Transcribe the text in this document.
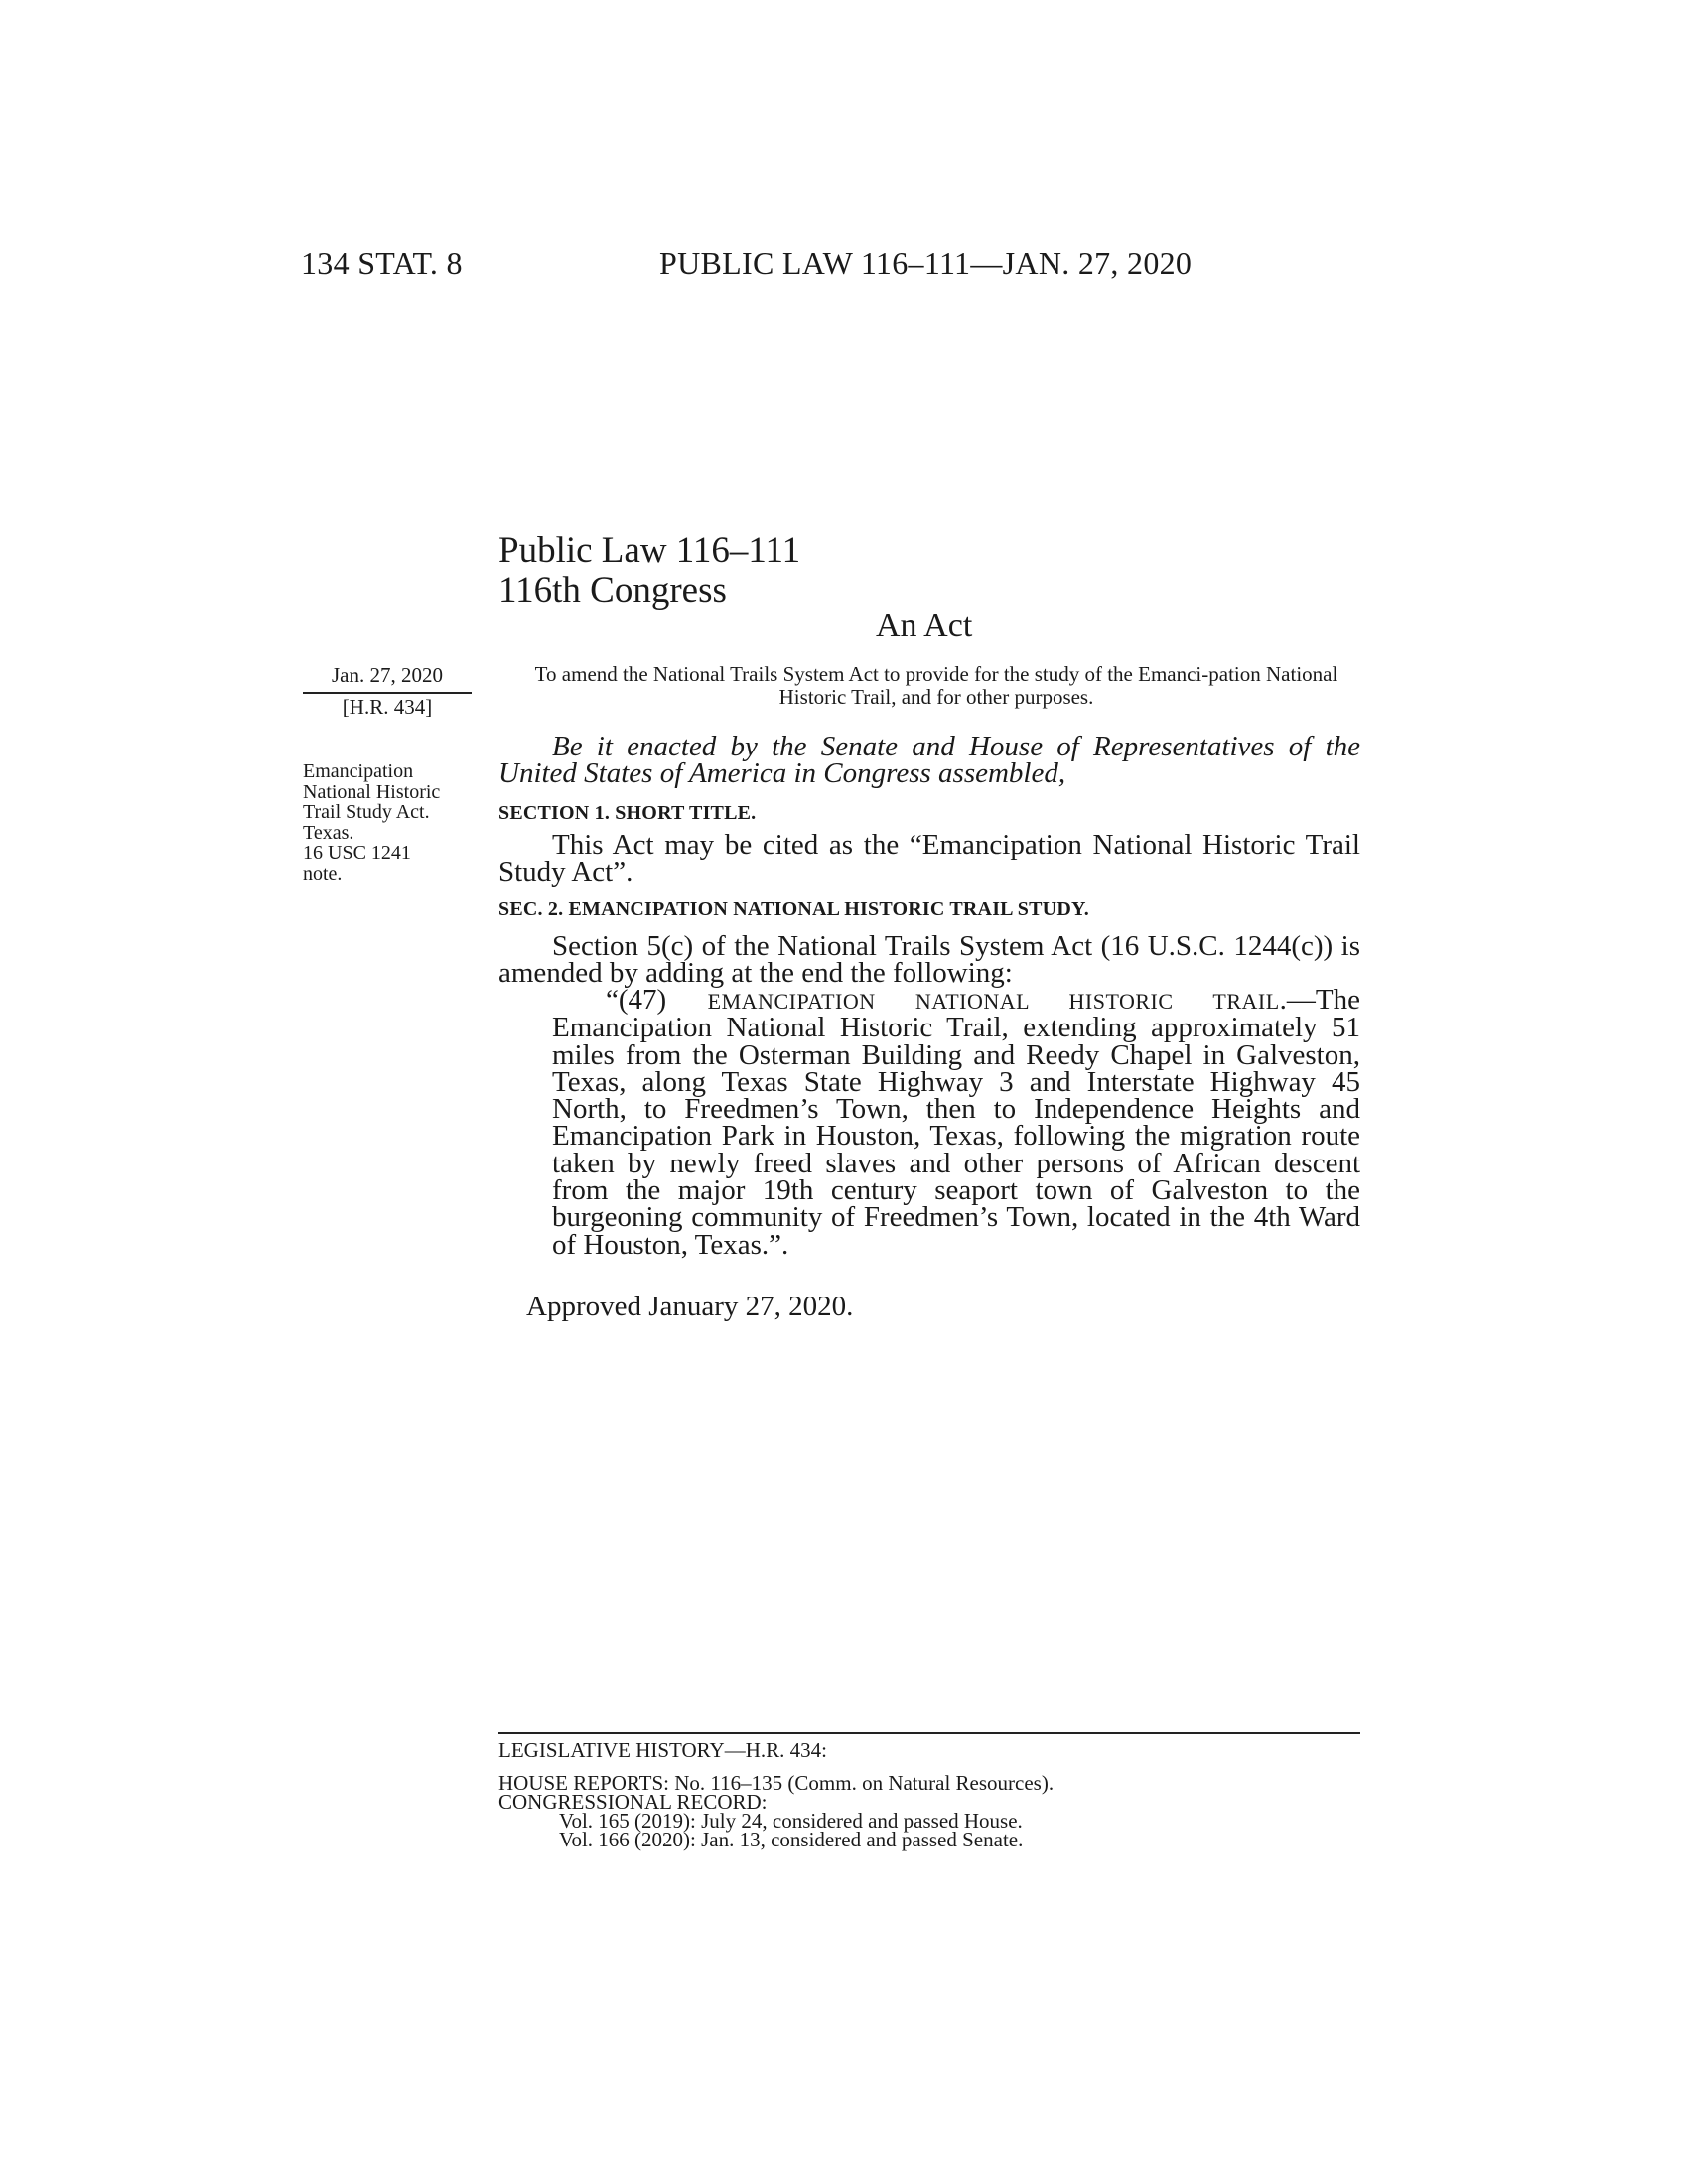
134 STAT. 8	PUBLIC LAW 116–111—JAN. 27, 2020
Public Law 116–111
116th Congress
An Act
Jan. 27, 2020
[H.R. 434]
Emancipation
National Historic
Trail Study Act.
Texas.
16 USC 1241
note.
To amend the National Trails System Act to provide for the study of the Emanci-pation National Historic Trail, and for other purposes.
Be it enacted by the Senate and House of Representatives of the United States of America in Congress assembled,
SECTION 1. SHORT TITLE.
This Act may be cited as the “Emancipation National Historic Trail Study Act”.
SEC. 2. EMANCIPATION NATIONAL HISTORIC TRAIL STUDY.
Section 5(c) of the National Trails System Act (16 U.S.C. 1244(c)) is amended by adding at the end the following:
“(47) EMANCIPATION NATIONAL HISTORIC TRAIL.—The Emancipation National Historic Trail, extending approximately 51 miles from the Osterman Building and Reedy Chapel in Galveston, Texas, along Texas State Highway 3 and Interstate Highway 45 North, to Freedmen’s Town, then to Independence Heights and Emancipation Park in Houston, Texas, following the migration route taken by newly freed slaves and other persons of African descent from the major 19th century seaport town of Galveston to the burgeoning community of Freedmen’s Town, located in the 4th Ward of Houston, Texas.”.
Approved January 27, 2020.
LEGISLATIVE HISTORY—H.R. 434:
HOUSE REPORTS: No. 116–135 (Comm. on Natural Resources).
CONGRESSIONAL RECORD:
Vol. 165 (2019): July 24, considered and passed House.
Vol. 166 (2020): Jan. 13, considered and passed Senate.
